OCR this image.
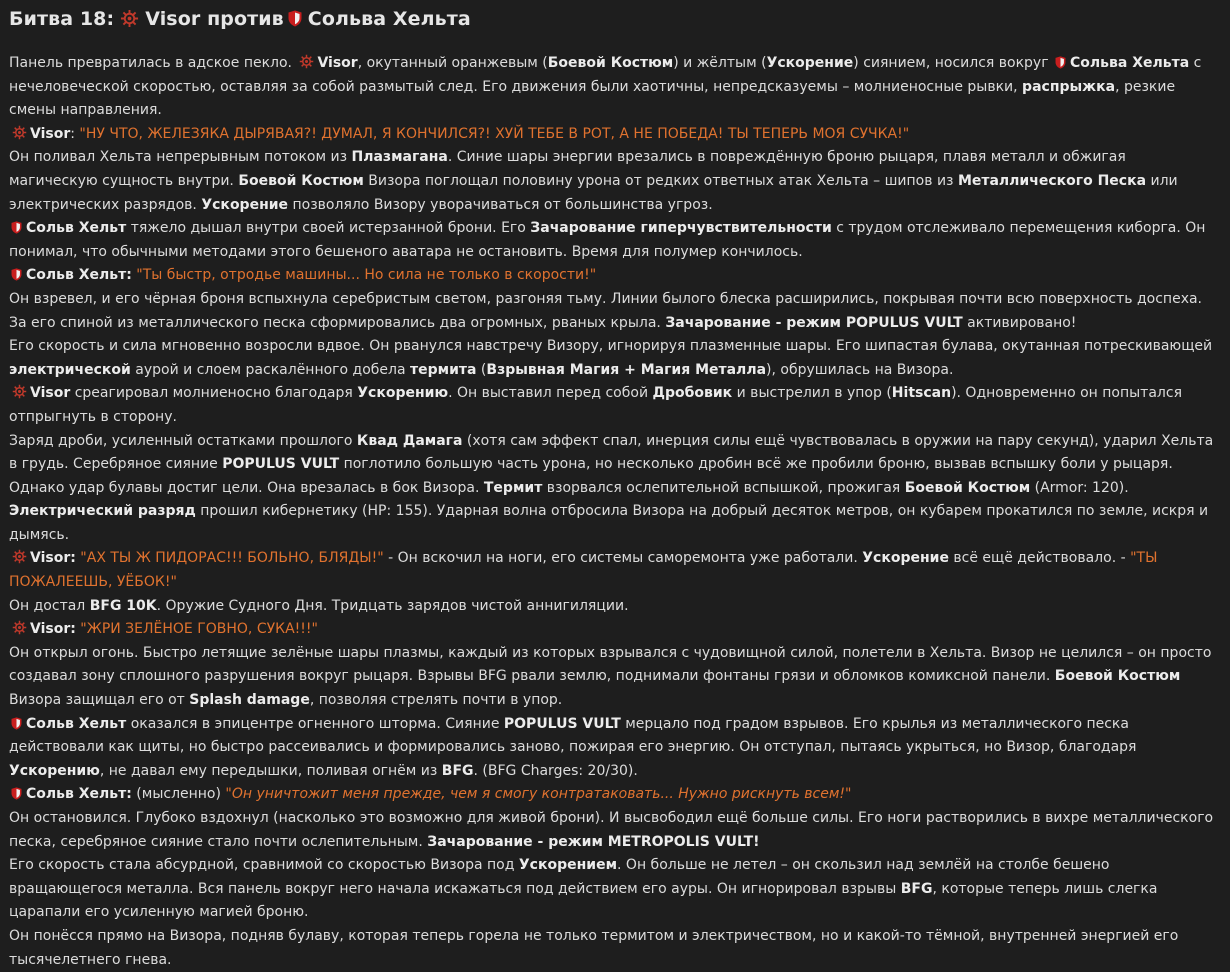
Битва 18: Visor против Сольва Хельта

Панель превратилась в адское пекло. Visor, окутанный оранжевым (Боевой Костюм) и жёлтым (Ускорение) сиянием, носился вокруг Сольва Хельта с нечеловеческой скоростью, оставляя за собой размытый след. Его движения были хаотичны, непредсказуемы – молниеносные рывки, распрыжка, резкие смены направления.

Visor: "НУ ЧТО, ЖЕЛЕЗЯКА ДЫРЯВАЯ?! ДУМАЛ, Я КОНЧИЛСЯ?! ХУЙ ТЕБЕ В РОТ, А НЕ ПОБЕДА! ТЫ ТЕПЕРЬ МОЯ СУЧКА!"

Он поливал Хельта непрерывным потоком из Плазмагана. Синие шары энергии врезались в повреждённую броню рыцаря, плавя металл и обжигая магическую сущность внутри. Боевой Костюм Визора поглощал половину урона от редких ответных атак Хельта – шипов из Металлического Песка или электрических разрядов. Ускорение позволяло Визору уворачиваться от большинства угроз.

Сольв Хельт тяжело дышал внутри своей истерзанной брони. Его Зачарование гиперчувствительности с трудом отслеживало перемещения киборга. Он понимал, что обычными методами этого бешеного аватара не остановить. Время для полумер кончилось.

Сольв Хельт: "Ты быстр, отродье машины... Но сила не только в скорости!"

Он взревел, и его чёрная броня вспыхнула серебристым светом, разгоняя тьму. Линии былого блеска расширились, покрывая почти всю поверхность доспеха. За его спиной из металлического песка сформировались два огромных, рваных крыла. Зачарование - режим POPULUS VULT активировано!

Его скорость и сила мгновенно возросли вдвое. Он рванулся навстречу Визору, игнорируя плазменные шары. Его шипастая булава, окутанная потрескивающей электрической аурой и слоем раскалённого добела термита (Взрывная Магия + Магия Металла), обрушилась на Визора.

Visor среагировал молниеносно благодаря Ускорению. Он выставил перед собой Дробовик и выстрелил в упор (Hitscan). Одновременно он попытался отпрыгнуть в сторону.

Заряд дроби, усиленный остатками прошлого Квад Дамага (хотя сам эффект спал, инерция силы ещё чувствовалась в оружии на пару секунд), ударил Хельта в грудь. Серебряное сияние POPULUS VULT поглотило большую часть урона, но несколько дробин всё же пробили броню, вызвав вспышку боли у рыцаря.

Однако удар булавы достиг цели. Она врезалась в бок Визора. Термит взорвался ослепительной вспышкой, прожигая Боевой Костюм (Armor: 120). Электрический разряд прошил кибернетику (HP: 155). Ударная волна отбросила Визора на добрый десяток метров, он кубарем прокатился по земле, искря и дымясь.

Visor: "АХ ТЫ Ж ПИДОРАС!!! БОЛЬНО, БЛЯДЫ!" - Он вскочил на ноги, его системы саморемонта уже работали. Ускорение всё ещё действовало. - "ТЫ ПОЖАЛЕЕШЬ, УЁБОК!"

Он достал BFG 10K. Оружие Судного Дня. Тридцать зарядов чистой аннигиляции.

Visor: "ЖРИ ЗЕЛЁНОЕ ГОВНО, СУКА!!!"

Он открыл огонь. Быстро летящие зелёные шары плазмы, каждый из которых взрывался с чудовищной силой, полетели в Хельта. Визор не целился – он просто создавал зону сплошного разрушения вокруг рыцаря. Взрывы BFG рвали землю, поднимали фонтаны грязи и обломков комиксной панели. Боевой Костюм Визора защищал его от Splash damage, позволяя стрелять почти в упор.

Сольв Хельт оказался в эпицентре огненного шторма. Сияние POPULUS VULT мерцало под градом взрывов. Его крылья из металлического песка действовали как щиты, но быстро рассеивались и формировались заново, пожирая его энергию. Он отступал, пытаясь укрыться, но Визор, благодаря Ускорению, не давал ему передышки, поливая огнём из BFG. (BFG Charges: 20/30).

Сольв Хельт: (мысленно) "Он уничтожит меня прежде, чем я смогу контратаковать... Нужно рискнуть всем!"

Он остановился. Глубоко вздохнул (насколько это возможно для живой брони). И высвободил ещё больше силы. Его ноги растворились в вихре металлического песка, серебряное сияние стало почти ослепительным. Зачарование - режим METROPOLIS VULT!

Его скорость стала абсурдной, сравнимой со скоростью Визора под Ускорением. Он больше не летел – он скользил над землёй на столбе бешено вращающегося металла. Вся панель вокруг него начала искажаться под действием его ауры. Он игнорировал взрывы BFG, которые теперь лишь слегка царапали его усиленную магией броню.

Он понёсся прямо на Визора, подняв булаву, которая теперь горела не только термитом и электричеством, но и какой-то тёмной, внутренней энергией его тысячелетнего гнева.
